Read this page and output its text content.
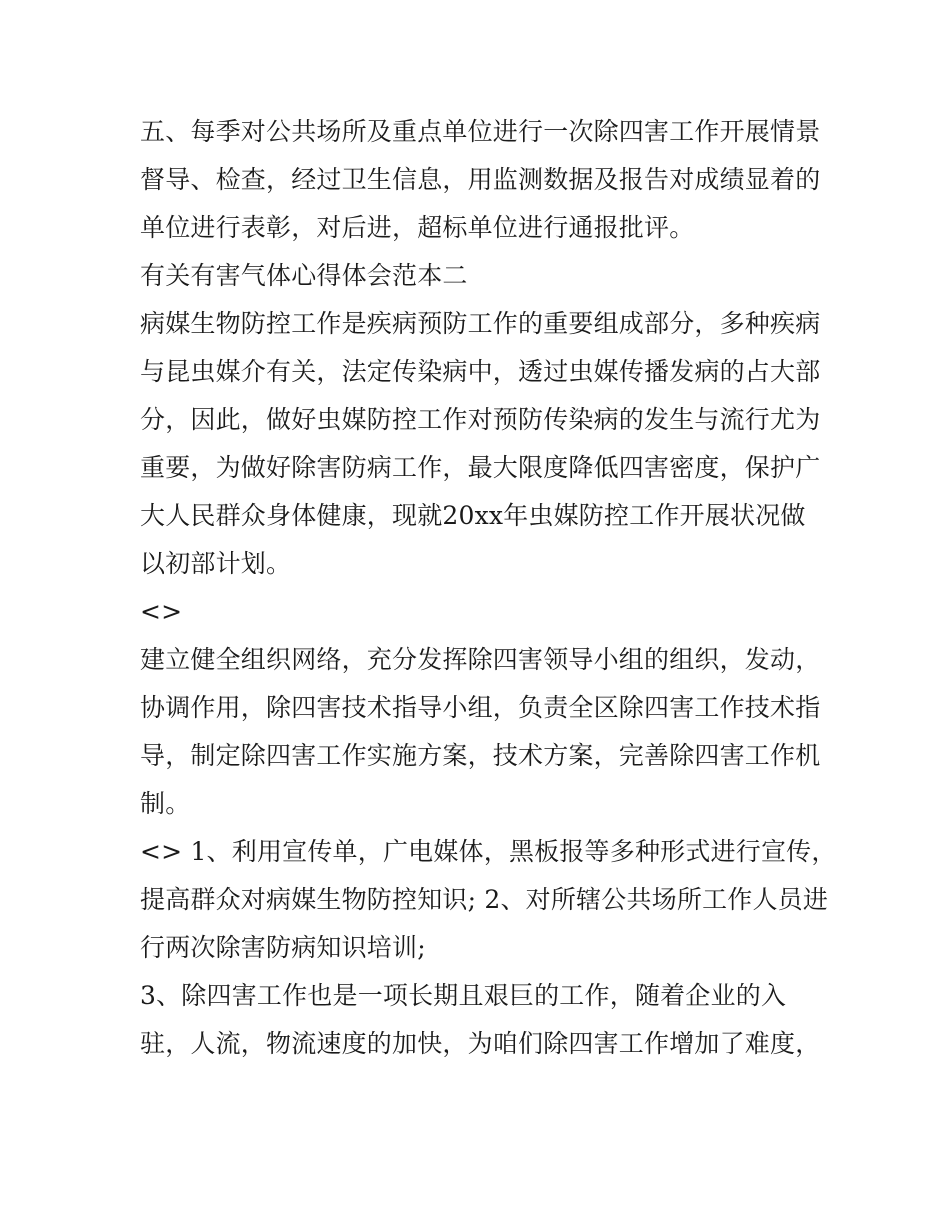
五、每季对公共场所及重点单位进行一次除四害工作开展情景
督导、检查，经过卫生信息，用监测数据及报告对成绩显着的
单位进行表彰，对后进，超标单位进行通报批评。
有关有害气体心得体会范本二
病媒生物防控工作是疾病预防工作的重要组成部分，多种疾病
与昆虫媒介有关，法定传染病中，透过虫媒传播发病的占大部
分，因此，做好虫媒防控工作对预防传染病的发生与流行尤为
重要，为做好除害防病工作，最大限度降低四害密度，保护广
大人民群众身体健康，现就20xx年虫媒防控工作开展状况做
以初部计划。
<>
建立健全组织网络，充分发挥除四害领导小组的组织，发动，
协调作用，除四害技术指导小组，负责全区除四害工作技术指
导，制定除四害工作实施方案，技术方案，完善除四害工作机
制。
<> 1、利用宣传单，广电媒体，黑板报等多种形式进行宣传，
提高群众对病媒生物防控知识; 2、对所辖公共场所工作人员进
行两次除害防病知识培训;
3、除四害工作也是一项长期且艰巨的工作，随着企业的入
驻，人流，物流速度的加快，为咱们除四害工作增加了难度，
